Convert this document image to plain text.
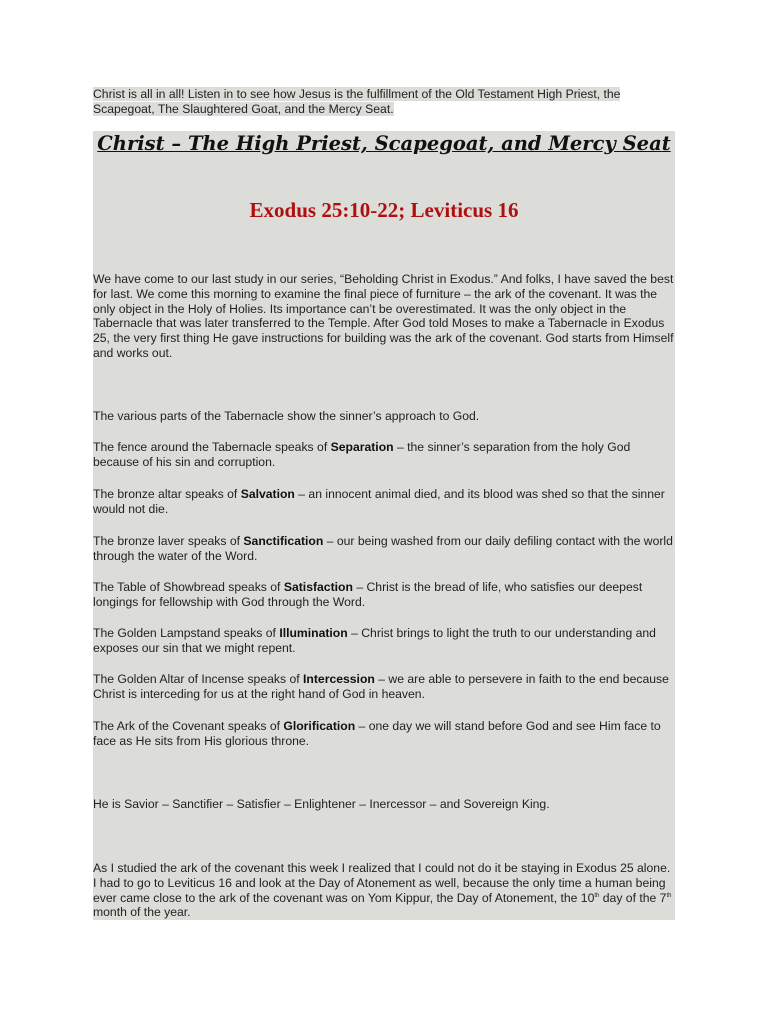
Christ is all in all! Listen in to see how Jesus is the fulfillment of the Old Testament High Priest, the Scapegoat, The Slaughtered Goat, and the Mercy Seat.
Christ – The High Priest, Scapegoat, and Mercy Seat
Exodus 25:10-22; Leviticus 16

We have come to our last study in our series, “Beholding Christ in Exodus.” And folks, I have saved the best for last. We come this morning to examine the final piece of furniture – the ark of the covenant. It was the only object in the Holy of Holies. Its importance can’t be overestimated. It was the only object in the Tabernacle that was later transferred to the Temple. After God told Moses to make a Tabernacle in Exodus 25, the very first thing He gave instructions for building was the ark of the covenant. God starts from Himself and works out.

The various parts of the Tabernacle show the sinner’s approach to God.

The fence around the Tabernacle speaks of Separation – the sinner’s separation from the holy God because of his sin and corruption.

The bronze altar speaks of Salvation – an innocent animal died, and its blood was shed so that the sinner would not die.

The bronze laver speaks of Sanctification – our being washed from our daily defiling contact with the world through the water of the Word.

The Table of Showbread speaks of Satisfaction – Christ is the bread of life, who satisfies our deepest longings for fellowship with God through the Word.

The Golden Lampstand speaks of Illumination – Christ brings to light the truth to our understanding and exposes our sin that we might repent.

The Golden Altar of Incense speaks of Intercession – we are able to persevere in faith to the end because Christ is interceding for us at the right hand of God in heaven.

The Ark of the Covenant speaks of Glorification – one day we will stand before God and see Him face to face as He sits from His glorious throne.

He is Savior – Sanctifier – Satisfier – Enlightener – Inercessor – and Sovereign King.

As I studied the ark of the covenant this week I realized that I could not do it be staying in Exodus 25 alone. I had to go to Leviticus 16 and look at the Day of Atonement as well, because the only time a human being ever came close to the ark of the covenant was on Yom Kippur, the Day of Atonement, the 10th day of the 7th month of the year.
